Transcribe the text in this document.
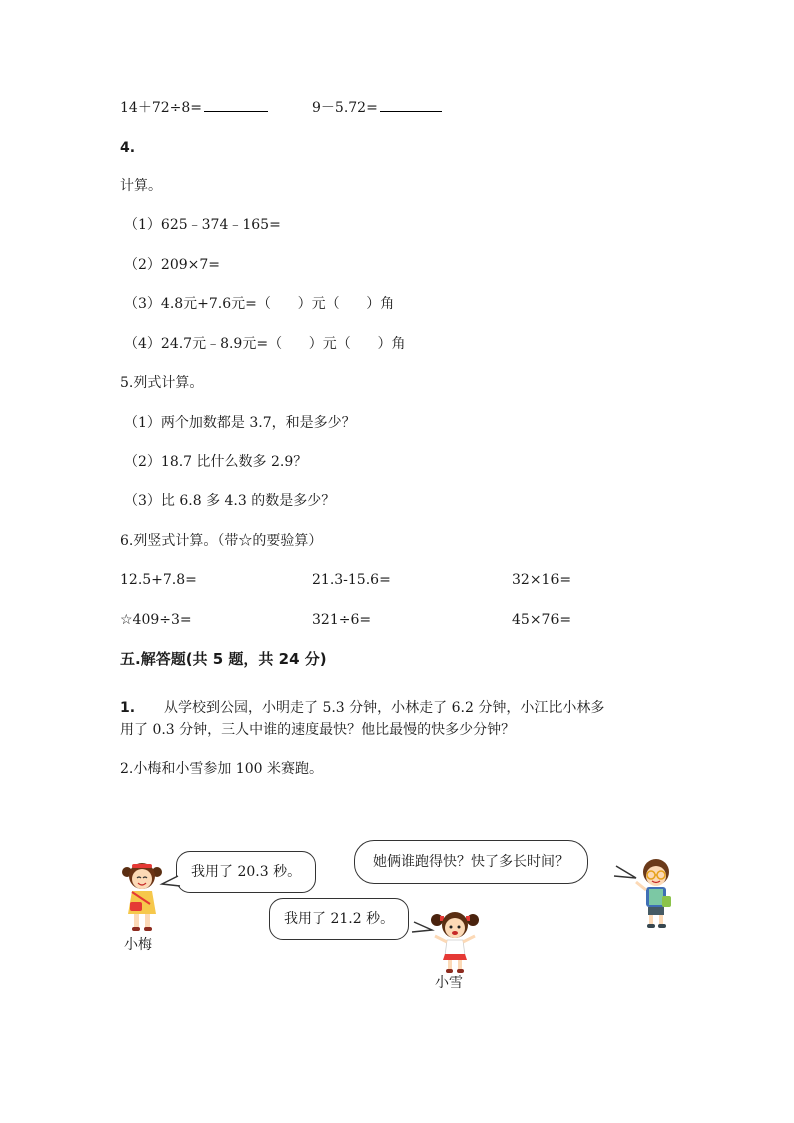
14＋72÷8=	9－5.72=
4.
计算。
（1）625﹣374﹣165=
（2）209×7=
（3）4.8元+7.6元=（      ）元（      ）角
（4）24.7元﹣8.9元=（      ）元（      ）角
5.列式计算。
（1）两个加数都是 3.7，和是多少？
（2）18.7 比什么数多 2.9？
（3）比 6.8 多 4.3 的数是多少？
6.列竖式计算。（带☆的要验算）
12.5+7.8=	21.3-15.6=	32×16=
☆409÷3=	321÷6=	45×76=
五.解答题(共 5 题，共 24 分)
1. 从学校到公园，小明走了 5.3 分钟，小林走了 6.2 分钟，小江比小林多
用了 0.3 分钟，三人中谁的速度最快？他比最慢的快多少分钟？
2.小梅和小雪参加 100 米赛跑。
我用了 20.3 秒。
她俩谁跑得快？快了多长时间？
我用了 21.2 秒。
小梅
小雪
